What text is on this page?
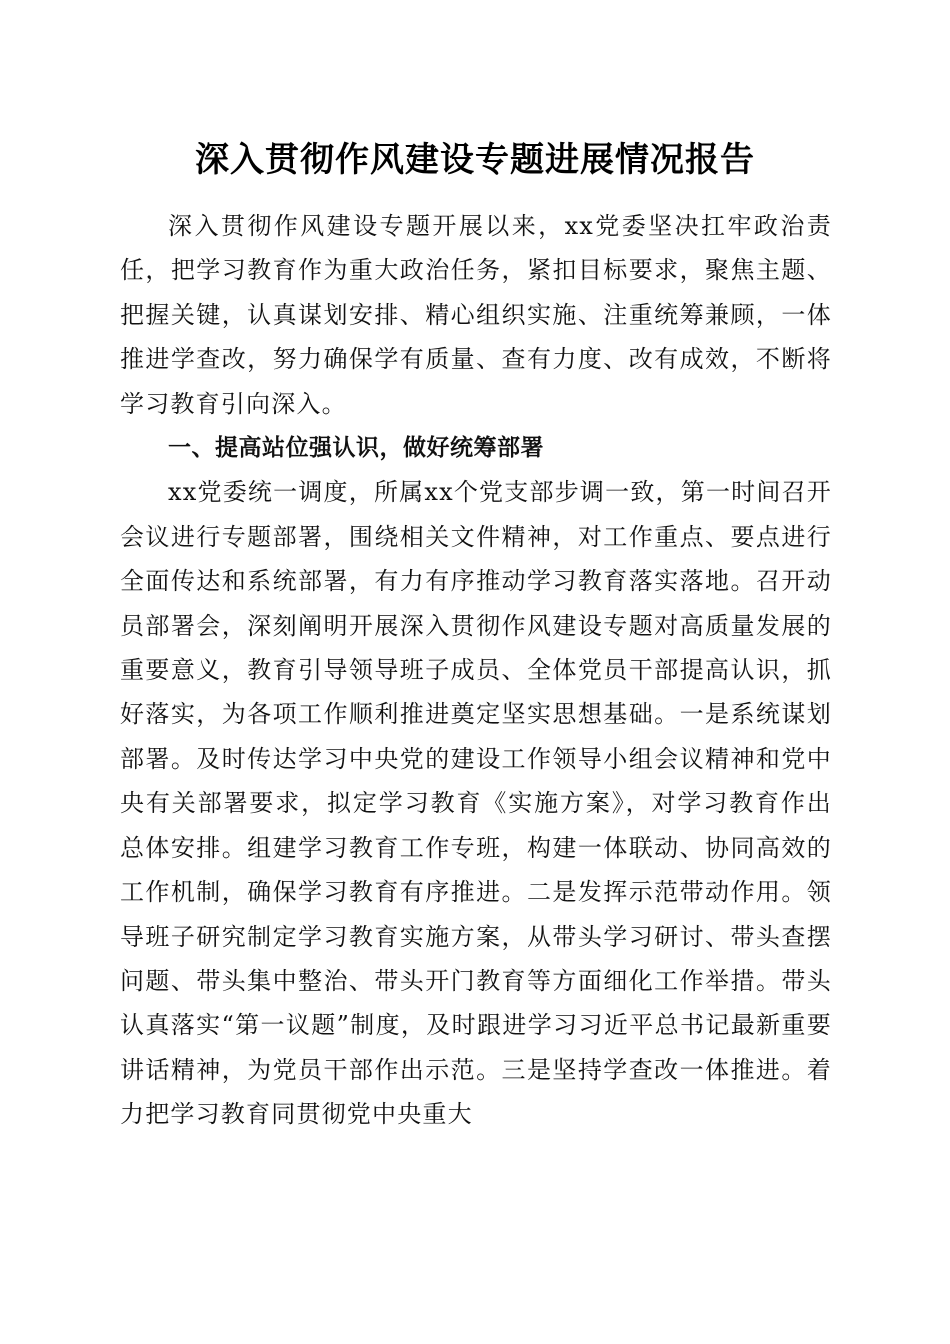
深入贯彻作风建设专题进展情况报告

深入贯彻作风建设专题开展以来，xx党委坚决扛牢政治责任，把学习教育作为重大政治任务，紧扣目标要求，聚焦主题、把握关键，认真谋划安排、精心组织实施、注重统筹兼顾，一体推进学查改，努力确保学有质量、查有力度、改有成效，不断将学习教育引向深入。

一、提高站位强认识，做好统筹部署

xx党委统一调度，所属xx个党支部步调一致，第一时间召开会议进行专题部署，围绕相关文件精神，对工作重点、要点进行全面传达和系统部署，有力有序推动学习教育落实落地。召开动员部署会，深刻阐明开展深入贯彻作风建设专题对高质量发展的重要意义，教育引导领导班子成员、全体党员干部提高认识，抓好落实，为各项工作顺利推进奠定坚实思想基础。一是系统谋划部署。及时传达学习中央党的建设工作领导小组会议精神和党中央有关部署要求，拟定学习教育《实施方案》，对学习教育作出总体安排。组建学习教育工作专班，构建一体联动、协同高效的工作机制，确保学习教育有序推进。二是发挥示范带动作用。领导班子研究制定学习教育实施方案，从带头学习研讨、带头查摆问题、带头集中整治、带头开门教育等方面细化工作举措。带头认真落实“第一议题”制度，及时跟进学习习近平总书记最新重要讲话精神，为党员干部作出示范。三是坚持学查改一体推进。着力把学习教育同贯彻党中央重大
